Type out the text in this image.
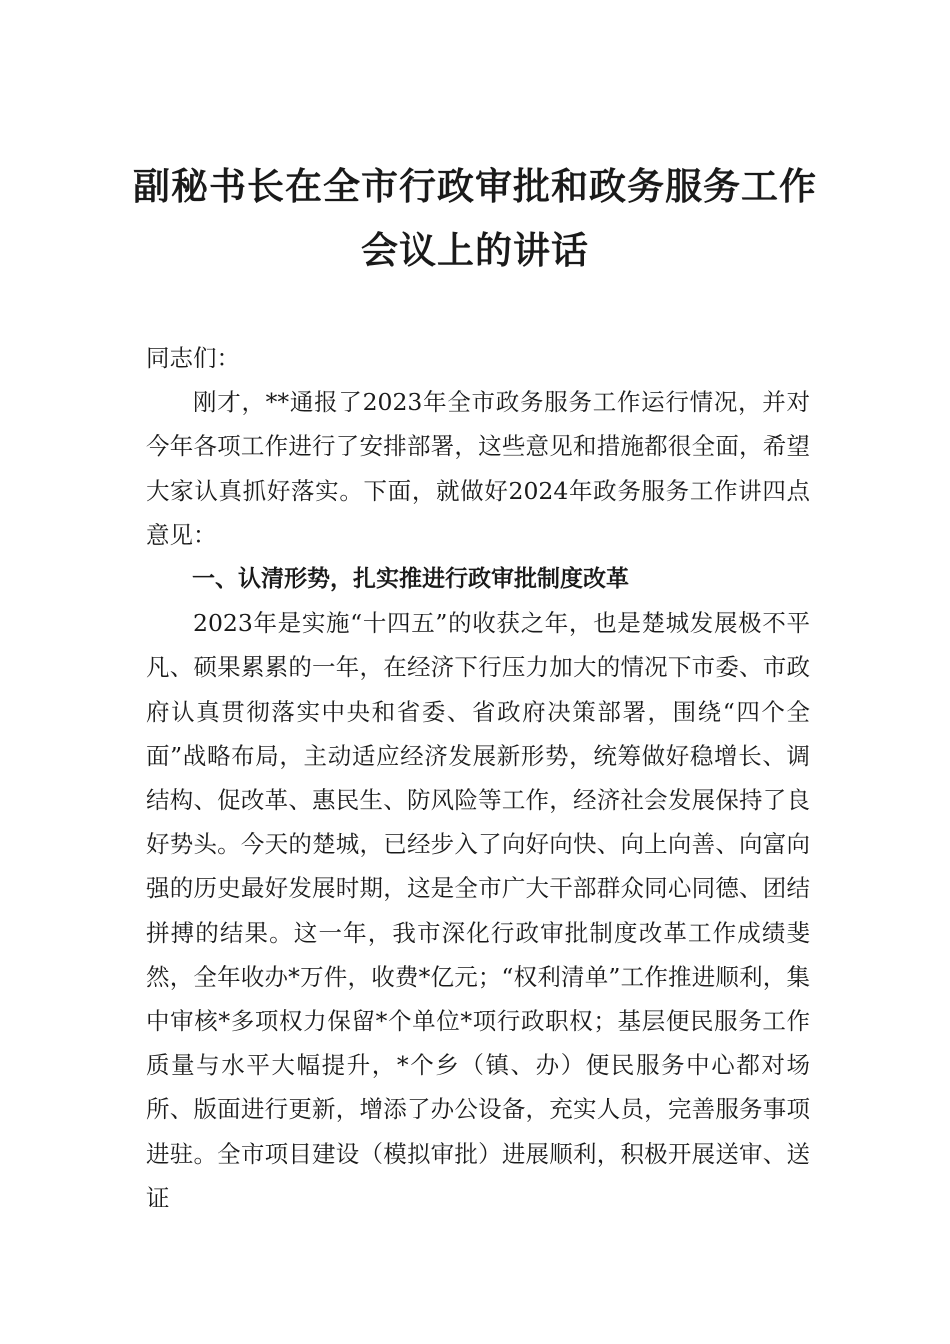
副秘书长在全市行政审批和政务服务工作
会议上的讲话

同志们：

刚才，**通报了2023年全市政务服务工作运行情况，并对今年各项工作进行了安排部署，这些意见和措施都很全面，希望大家认真抓好落实。下面，就做好2024年政务服务工作讲四点意见：

一、认清形势，扎实推进行政审批制度改革

2023年是实施“十四五”的收获之年，也是楚城发展极不平凡、硕果累累的一年，在经济下行压力加大的情况下市委、市政府认真贯彻落实中央和省委、省政府决策部署，围绕“四个全面”战略布局，主动适应经济发展新形势，统筹做好稳增长、调结构、促改革、惠民生、防风险等工作，经济社会发展保持了良好势头。今天的楚城，已经步入了向好向快、向上向善、向富向强的历史最好发展时期，这是全市广大干部群众同心同德、团结拼搏的结果。这一年，我市深化行政审批制度改革工作成绩斐然，全年收办*万件，收费*亿元；“权利清单”工作推进顺利，集中审核*多项权力保留*个单位*项行政职权；基层便民服务工作质量与水平大幅提升，*个乡（镇、办）便民服务中心都对场所、版面进行更新，增添了办公设备，充实人员，完善服务事项进驻。全市项目建设（模拟审批）进展顺利，积极开展送审、送证
